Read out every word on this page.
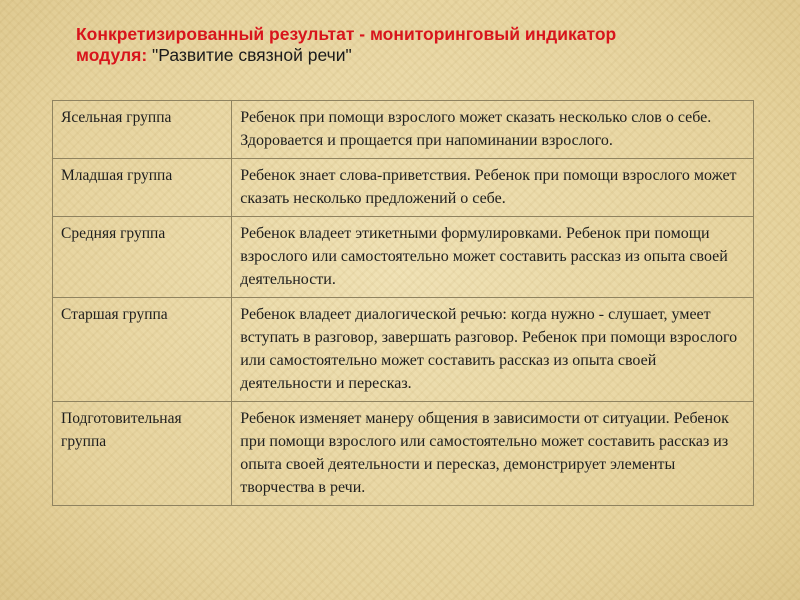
Конкретизированный результат - мониторинговый индикатор
модуля: "Развитие связной речи"
Ясельная группа	Ребенок при помощи взрослого может сказать несколько слов о себе. Здоровается и прощается при напоминании взрослого.
Младшая группа	Ребенок знает слова-приветствия. Ребенок при помощи взрослого может сказать несколько предложений о себе.
Средняя группа	Ребенок владеет этикетными формулировками. Ребенок при помощи взрослого или самостоятельно может составить рассказ из опыта своей деятельности.
Старшая группа	Ребенок владеет диалогической речью: когда нужно - слушает, умеет вступать в разговор, завершать разговор. Ребенок при помощи взрослого или самостоятельно может составить рассказ из опыта своей деятельности и пересказ.
Подготовительная группа	Ребенок изменяет манеру общения в зависимости от ситуации. Ребенок при помощи взрослого или самостоятельно может составить рассказ из опыта своей деятельности и пересказ, демонстрирует элементы творчества в речи.
